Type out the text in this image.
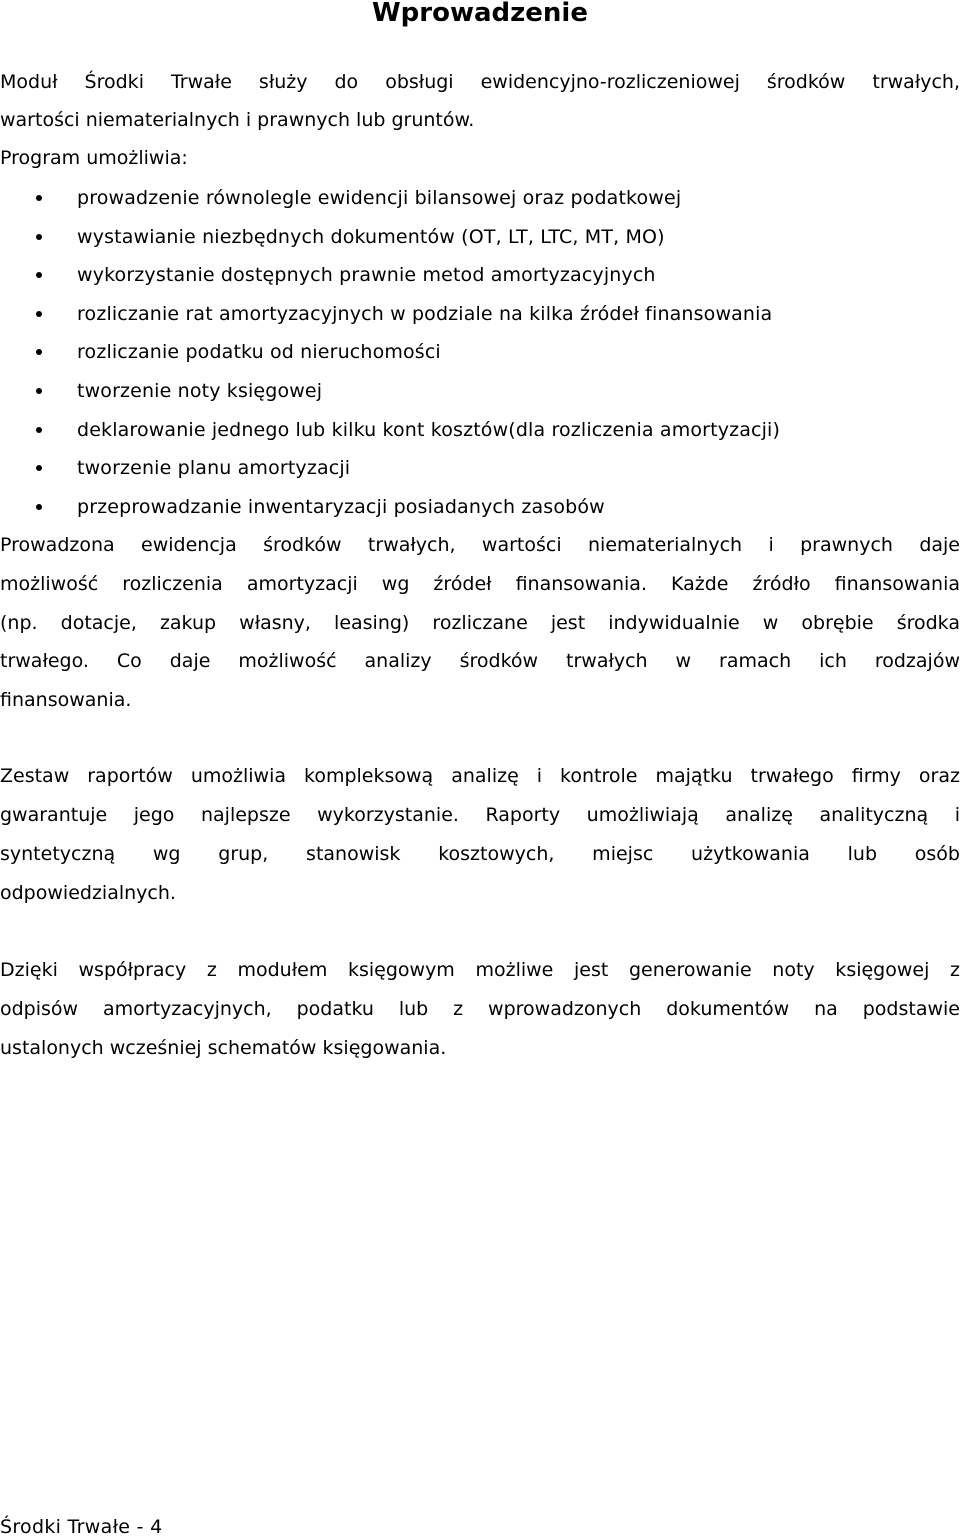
Wprowadzenie

Moduł Środki Trwałe służy do obsługi ewidencyjno-rozliczeniowej środków trwałych,

wartości niematerialnych i prawnych lub gruntów.

Program umożliwia:

prowadzenie równolegle ewidencji bilansowej oraz podatkowej
wystawianie niezbędnych dokumentów (OT, LT, LTC, MT, MO)
wykorzystanie dostępnych prawnie metod amortyzacyjnych
rozliczanie rat amortyzacyjnych w podziale na kilka źródeł finansowania
rozliczanie podatku od nieruchomości
tworzenie noty księgowej
deklarowanie jednego lub kilku kont kosztów(dla rozliczenia amortyzacji)
tworzenie planu amortyzacji
przeprowadzanie inwentaryzacji posiadanych zasobów

Prowadzona ewidencja środków trwałych, wartości niematerialnych i prawnych daje

możliwość rozliczenia amortyzacji wg źródeł finansowania. Każde źródło finansowania

(np. dotacje, zakup własny, leasing) rozliczane jest indywidualnie w obrębie środka

trwałego. Co daje możliwość analizy środków trwałych w ramach ich rodzajów

finansowania.

Zestaw raportów umożliwia kompleksową analizę i kontrole majątku trwałego firmy oraz

gwarantuje jego najlepsze wykorzystanie. Raporty umożliwiają analizę analityczną i

syntetyczną wg grup, stanowisk kosztowych, miejsc użytkowania lub osób

odpowiedzialnych.

Dzięki współpracy z modułem księgowym możliwe jest generowanie noty księgowej z

odpisów amortyzacyjnych, podatku lub z wprowadzonych dokumentów na podstawie

ustalonych wcześniej schematów księgowania.

Środki Trwałe - 4
